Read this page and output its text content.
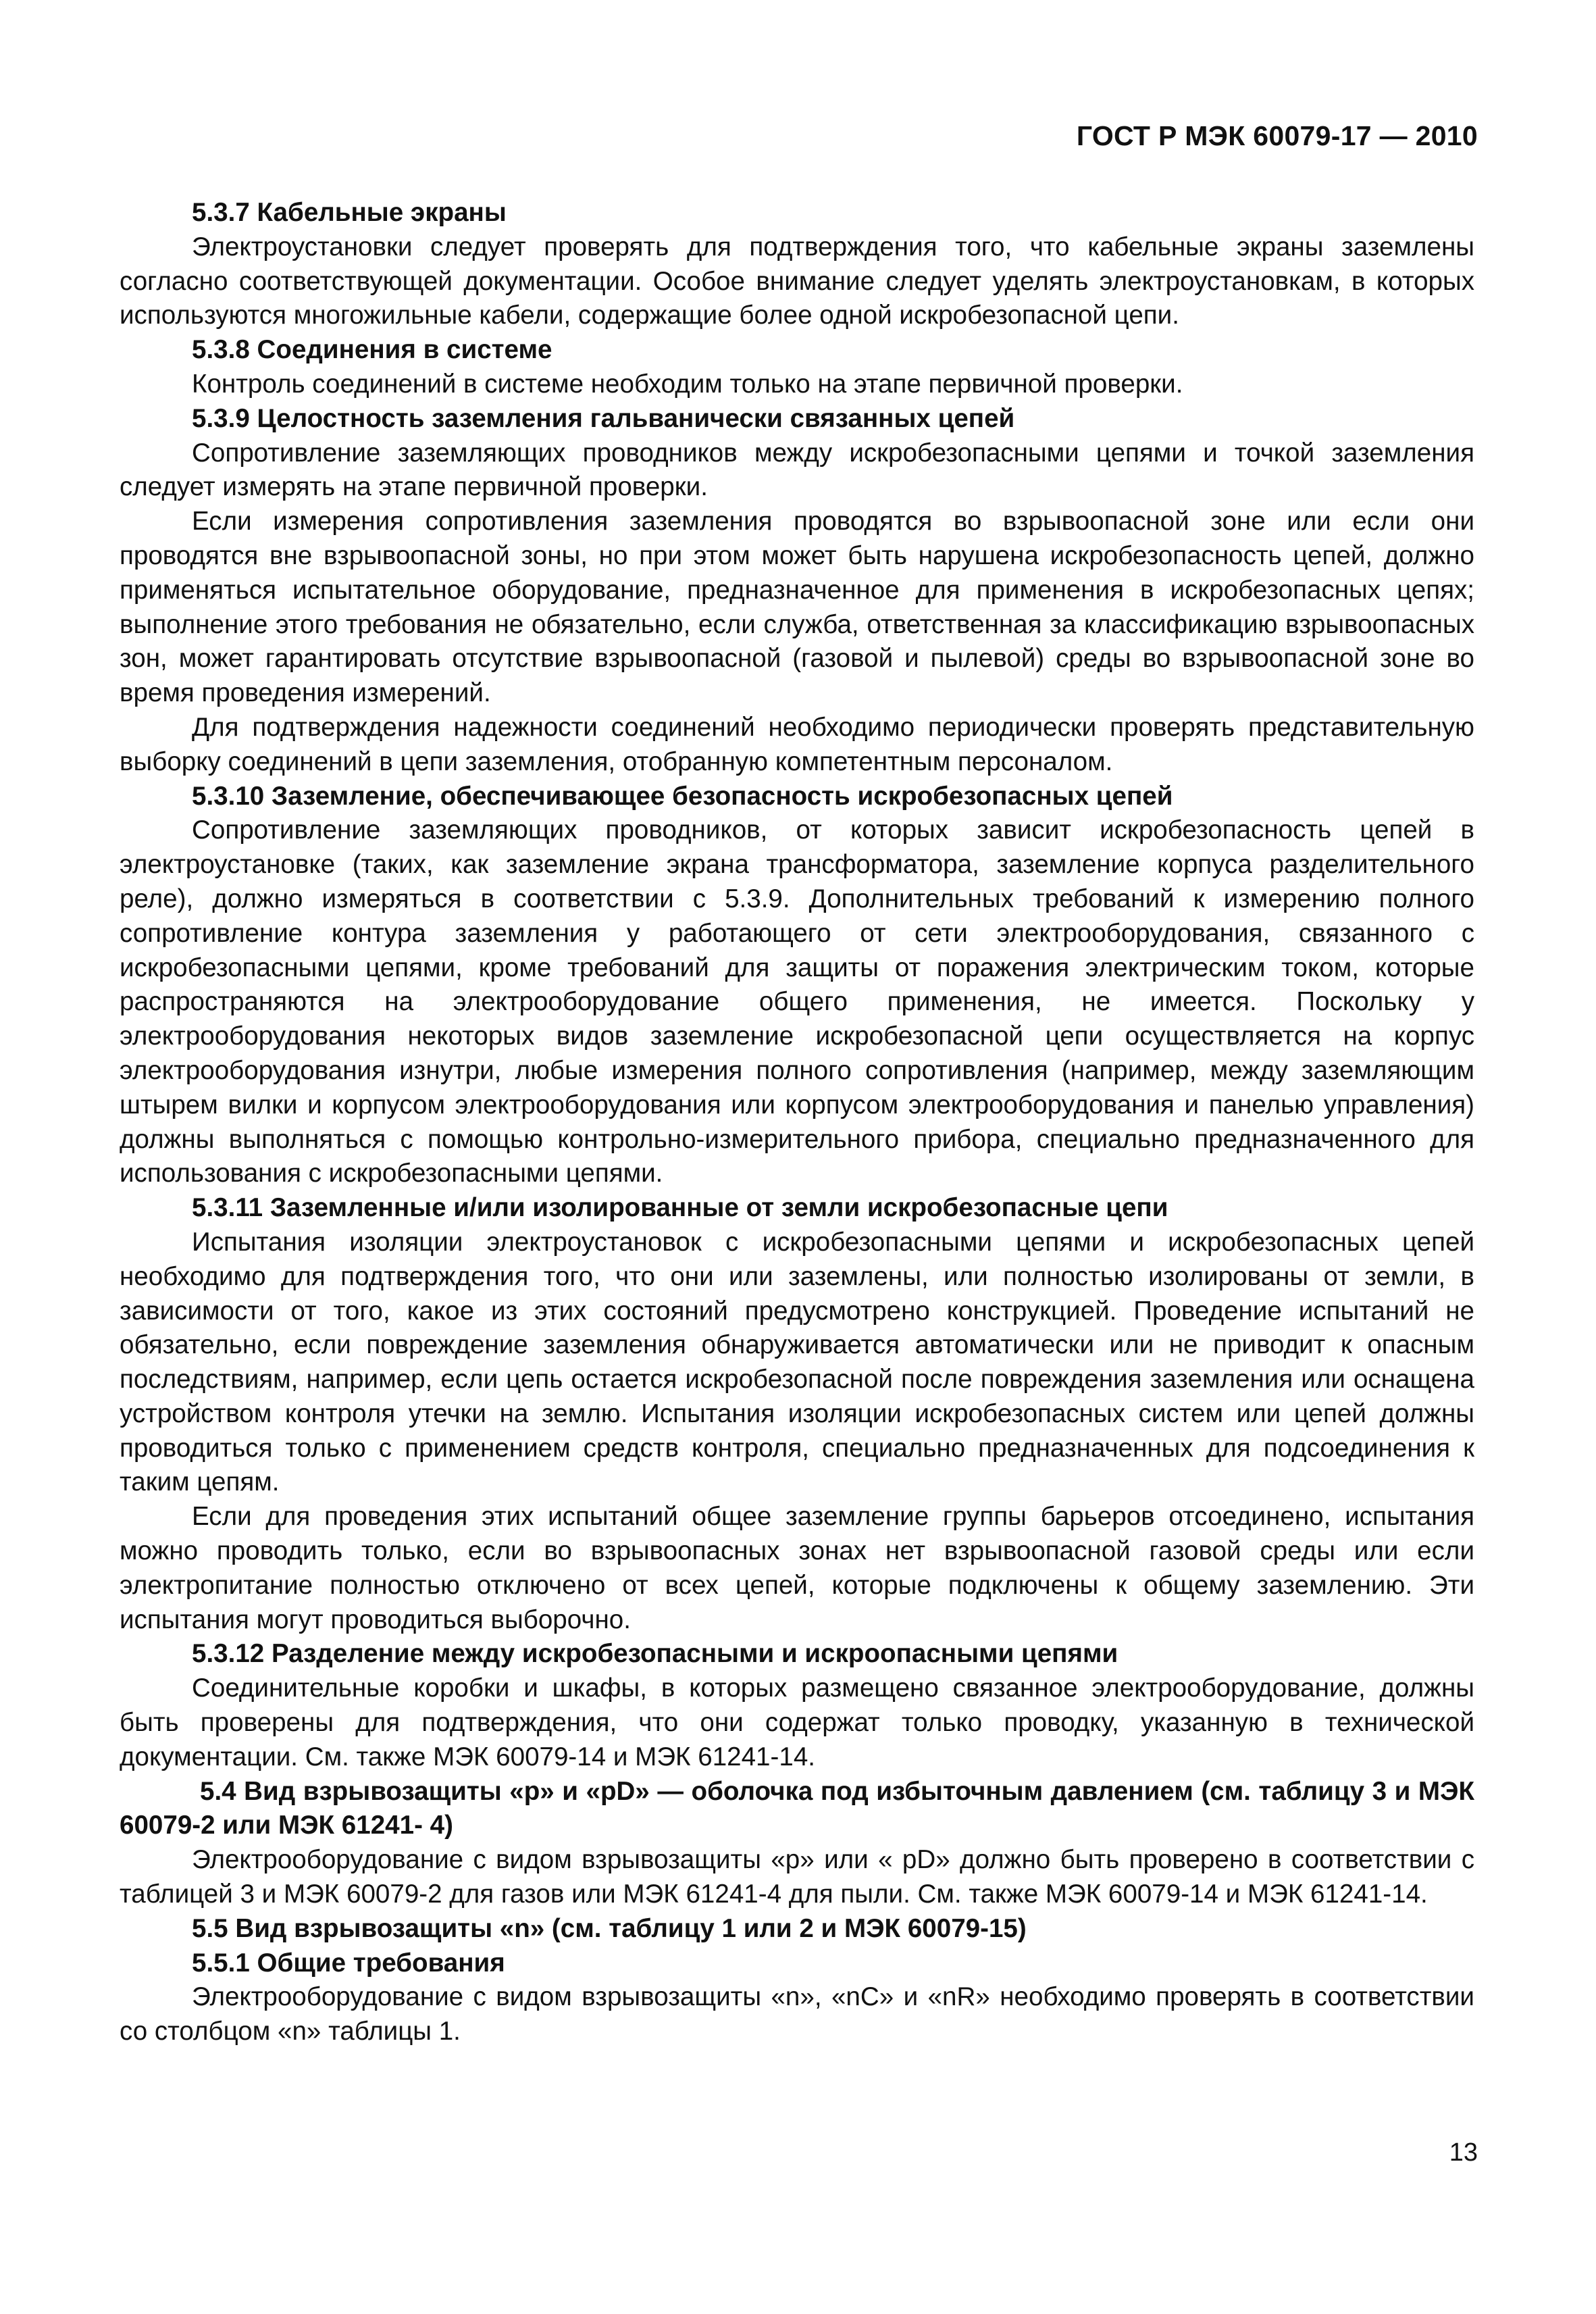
ГОСТ Р МЭК 60079-17 — 2010

5.3.7 Кабельные экраны

Электроустановки следует проверять для подтверждения того, что кабельные экраны заземлены согласно соответствующей документации. Особое внимание следует уделять электроустановкам, в которых используются многожильные кабели, содержащие более одной искробезопасной цепи.

5.3.8 Соединения в системе

Контроль соединений в системе необходим только на этапе первичной проверки.

5.3.9 Целостность заземления гальванически связанных цепей

Сопротивление заземляющих проводников между искробезопасными цепями и точкой заземления следует измерять на этапе первичной проверки.

Если измерения сопротивления заземления проводятся во взрывоопасной зоне или если они проводятся вне взрывоопасной зоны, но при этом может быть нарушена искробезопасность цепей, должно применяться испытательное оборудование, предназначенное для применения в искробезопасных цепях; выполнение этого требования не обязательно, если служба, ответственная за классификацию взрывоопасных зон, может гарантировать отсутствие взрывоопасной (газовой и пылевой) среды во взрывоопасной зоне во время проведения измерений.

Для подтверждения надежности соединений необходимо периодически проверять представительную выборку соединений в цепи заземления, отобранную компетентным персоналом.

5.3.10 Заземление, обеспечивающее безопасность искробезопасных цепей

Сопротивление заземляющих проводников, от которых зависит искробезопасность цепей в электроустановке (таких, как заземление экрана трансформатора, заземление корпуса разделительного реле), должно измеряться в соответствии с 5.3.9. Дополнительных требований к измерению полного сопротивление контура заземления у работающего от сети электрооборудования, связанного с искробезопасными цепями, кроме требований для защиты от поражения электрическим током, которые распространяются на электрооборудование общего применения, не имеется. Поскольку у электрооборудования некоторых видов заземление искробезопасной цепи осуществляется на корпус электрооборудования изнутри, любые измерения полного сопротивления (например, между заземляющим штырем вилки и корпусом электрооборудования или корпусом электрооборудования и панелью управления) должны выполняться с помощью контрольно-измерительного прибора, специально предназначенного для использования с искробезопасными цепями.

5.3.11 Заземленные и/или изолированные от земли искробезопасные цепи

Испытания изоляции электроустановок с искробезопасными цепями и искробезопасных цепей необходимо для подтверждения того, что они или заземлены, или полностью изолированы от земли, в зависимости от того, какое из этих состояний предусмотрено конструкцией. Проведение испытаний не обязательно, если повреждение заземления обнаруживается автоматически или не приводит к опасным последствиям, например, если цепь остается искробезопасной после повреждения заземления или оснащена устройством контроля утечки на землю. Испытания изоляции искробезопасных систем или цепей должны проводиться только с применением средств контроля, специально предназначенных для подсоединения к таким цепям.

Если для проведения этих испытаний общее заземление группы барьеров отсоединено, испытания можно проводить только, если во взрывоопасных зонах нет взрывоопасной газовой среды или если электропитание полностью отключено от всех цепей, которые подключены к общему заземлению. Эти испытания могут проводиться выборочно.

5.3.12 Разделение между искробезопасными и искроопасными цепями

Соединительные коробки и шкафы, в которых размещено связанное электрооборудование, должны быть проверены для подтверждения, что они содержат только проводку, указанную в технической документации. См. также МЭК 60079-14 и МЭК 61241-14.

5.4 Вид взрывозащиты «p» и «pD» — оболочка под избыточным давлением (см. таблицу 3 и МЭК 60079-2 или МЭК 61241- 4)

Электрооборудование с видом взрывозащиты «p» или « pD» должно быть проверено в соответствии с таблицей 3 и МЭК 60079-2 для газов или МЭК 61241-4 для пыли. См. также МЭК 60079-14 и МЭК 61241-14.

5.5 Вид взрывозащиты «n» (см. таблицу 1 или 2 и МЭК 60079-15)

5.5.1 Общие требования

Электрооборудование с видом взрывозащиты «n», «nC» и «nR» необходимо проверять в соответствии со столбцом «n» таблицы 1.

13
